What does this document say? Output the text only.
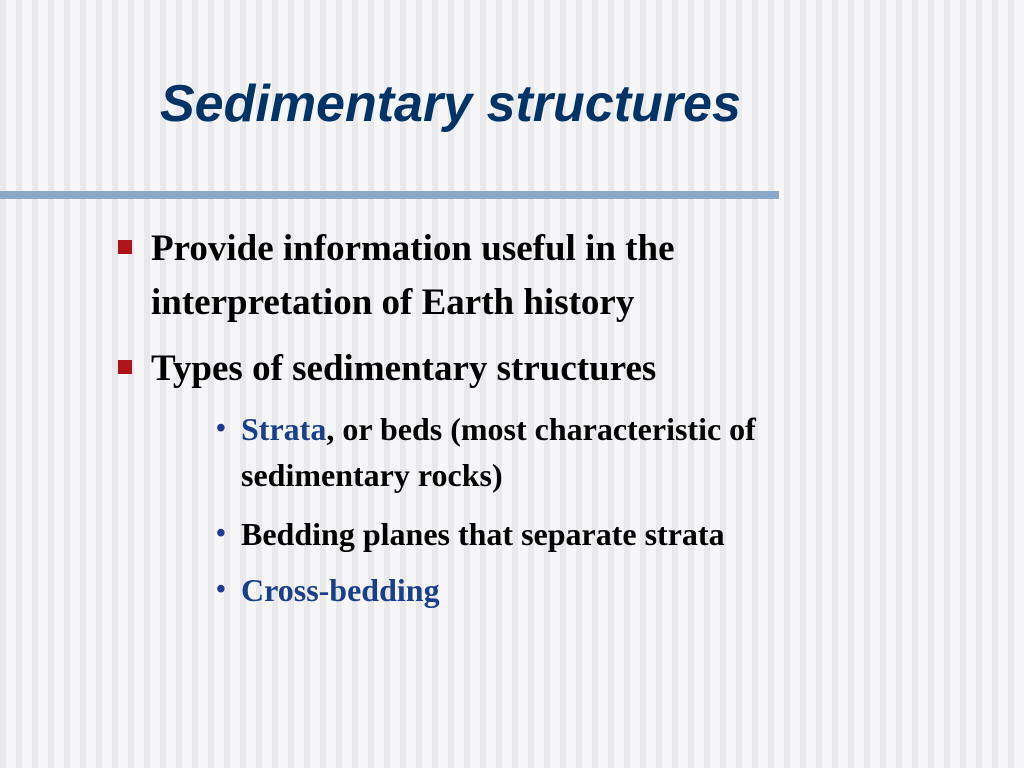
Sedimentary structures
Provide information useful in the interpretation of Earth history
Types of sedimentary structures
• Strata, or beds (most characteristic of sedimentary rocks)
• Bedding planes that separate strata
• Cross-bedding
